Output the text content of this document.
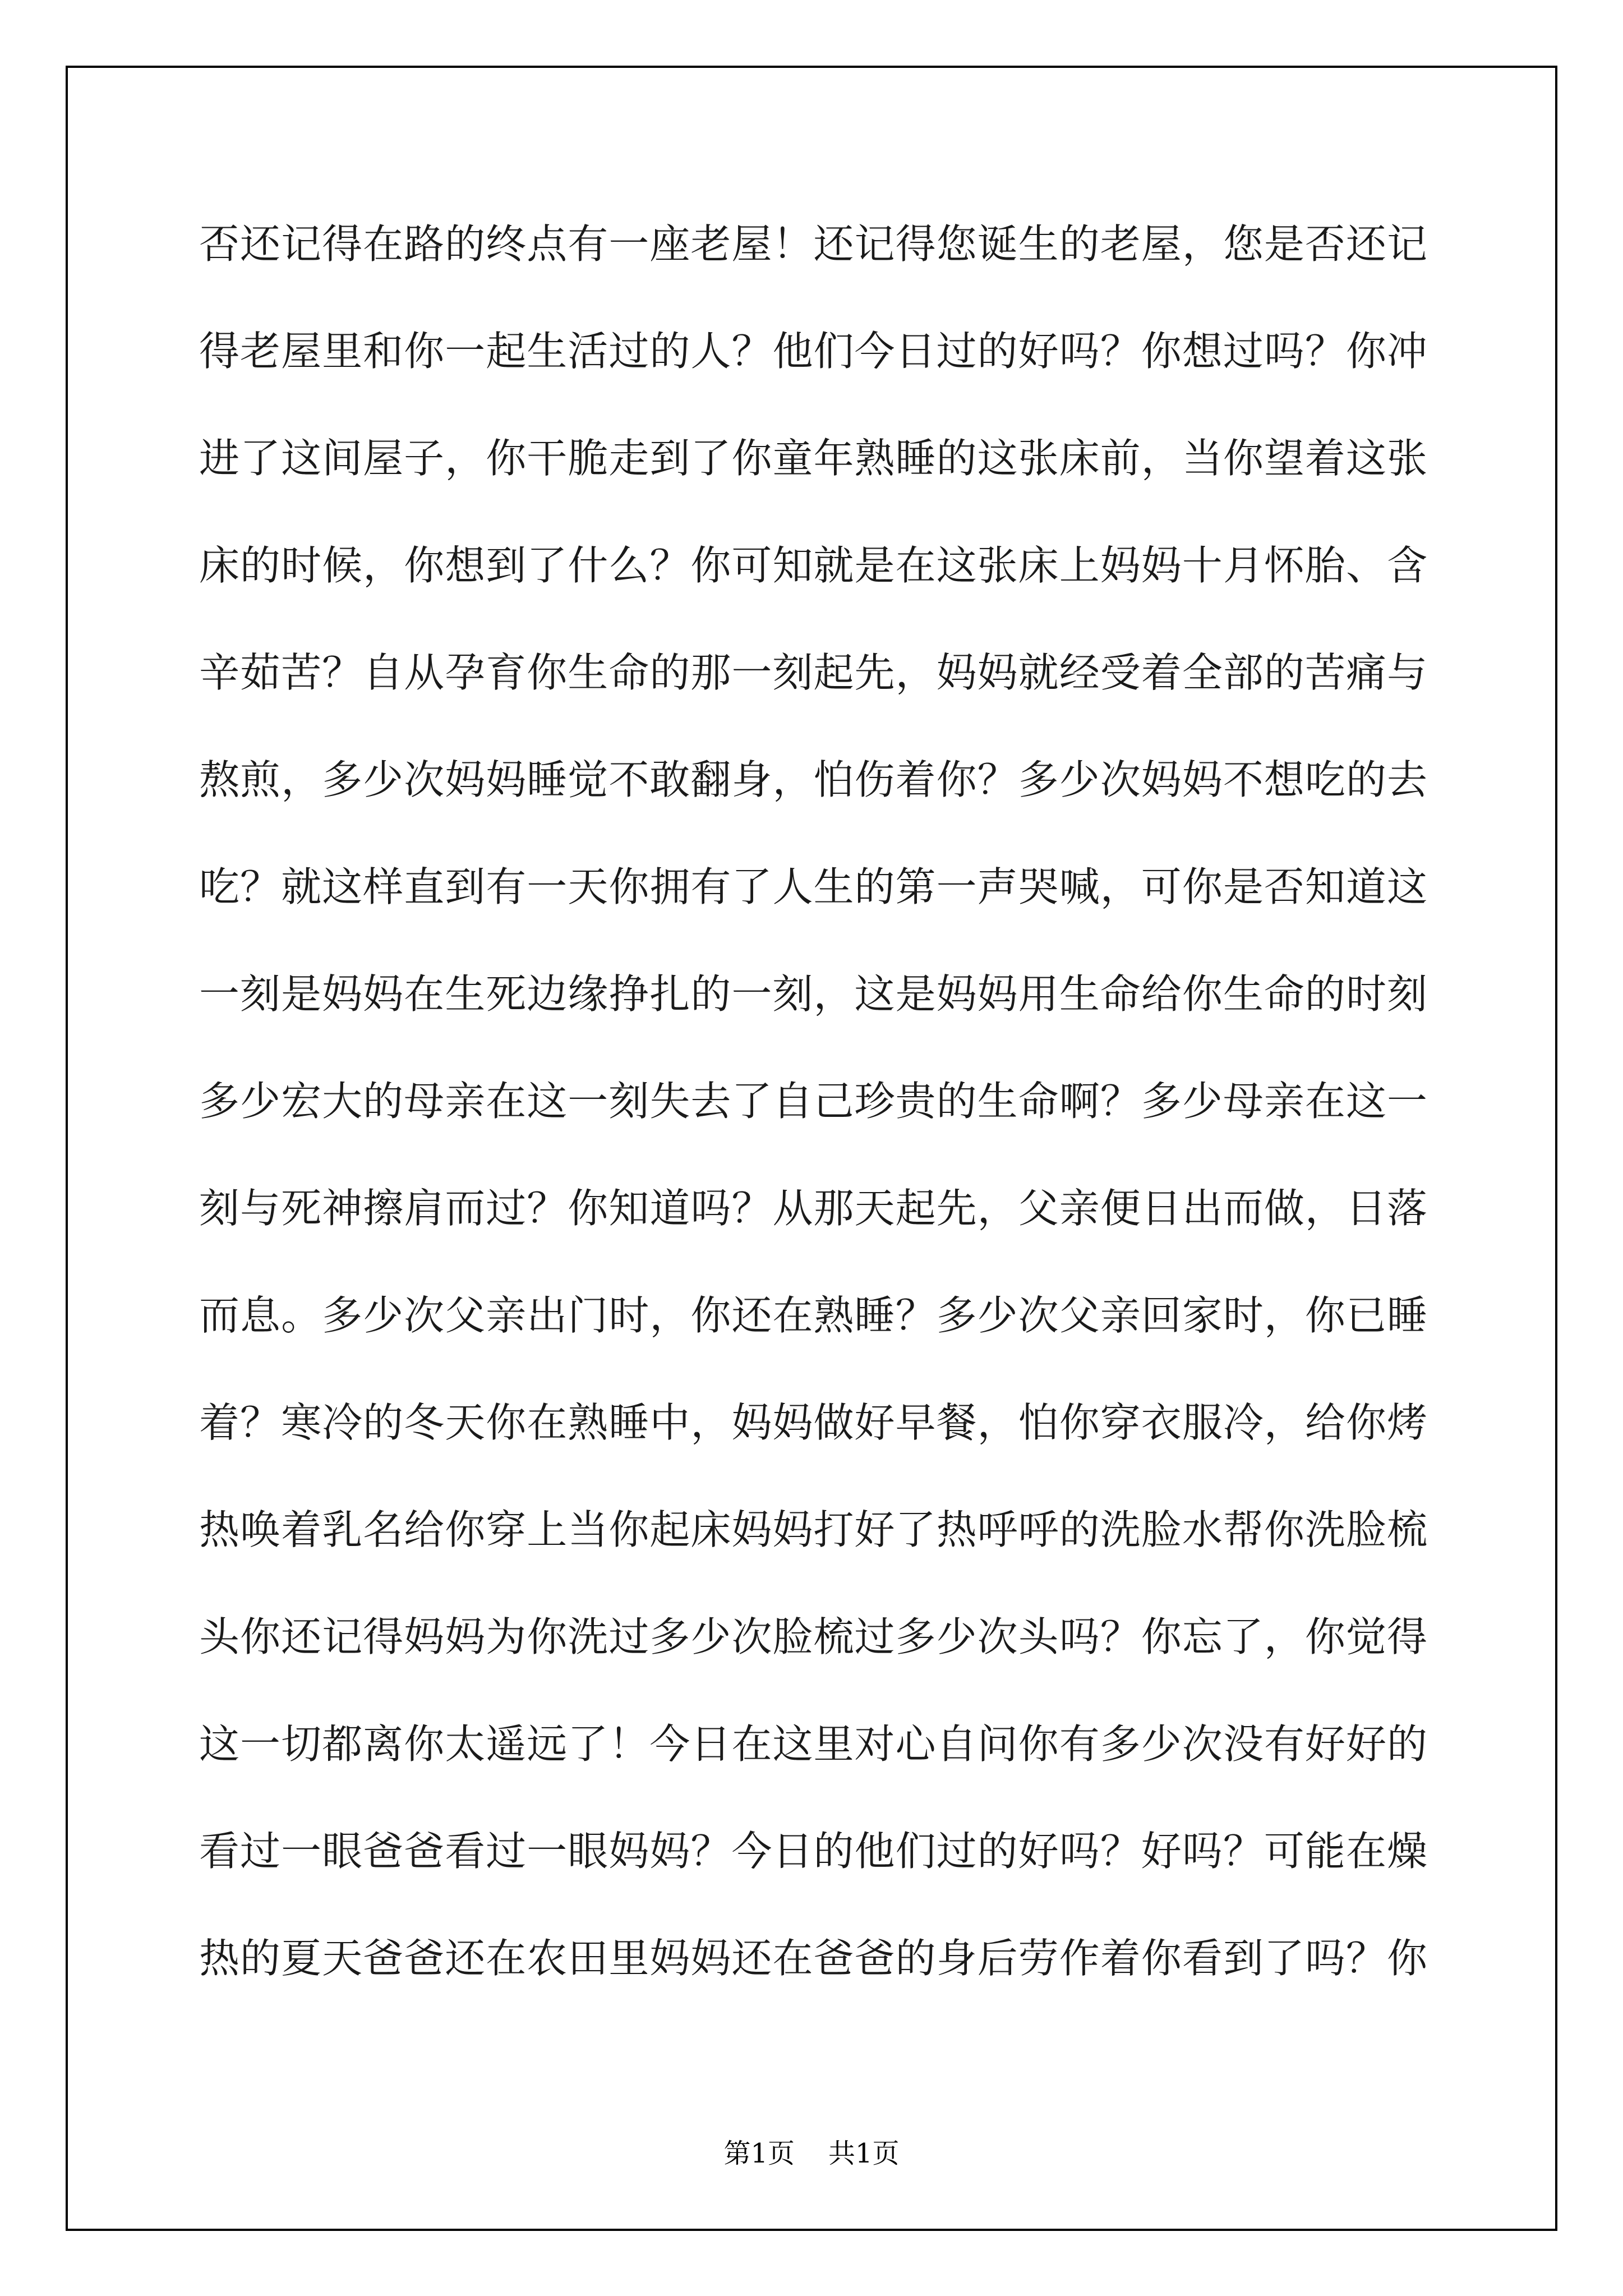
否还记得在路的终点有一座老屋！还记得您诞生的老屋，您是否还记
得老屋里和你一起生活过的人？他们今日过的好吗？你想过吗？你冲
进了这间屋子，你干脆走到了你童年熟睡的这张床前，当你望着这张
床的时候，你想到了什么？你可知就是在这张床上妈妈十月怀胎、含
辛茹苦？自从孕育你生命的那一刻起先，妈妈就经受着全部的苦痛与
熬煎，多少次妈妈睡觉不敢翻身，怕伤着你？多少次妈妈不想吃的去
吃？就这样直到有一天你拥有了人生的第一声哭喊，可你是否知道这
一刻是妈妈在生死边缘挣扎的一刻，这是妈妈用生命给你生命的时刻
多少宏大的母亲在这一刻失去了自己珍贵的生命啊？多少母亲在这一
刻与死神擦肩而过？你知道吗？从那天起先，父亲便日出而做，日落
而息。多少次父亲出门时，你还在熟睡？多少次父亲回家时，你已睡
着？寒冷的冬天你在熟睡中，妈妈做好早餐，怕你穿衣服冷，给你烤
热唤着乳名给你穿上当你起床妈妈打好了热呼呼的洗脸水帮你洗脸梳
头你还记得妈妈为你洗过多少次脸梳过多少次头吗？你忘了，你觉得
这一切都离你太遥远了！今日在这里对心自问你有多少次没有好好的
看过一眼爸爸看过一眼妈妈？今日的他们过的好吗？好吗？可能在燥
热的夏天爸爸还在农田里妈妈还在爸爸的身后劳作着你看到了吗？你
第1页 共1页
